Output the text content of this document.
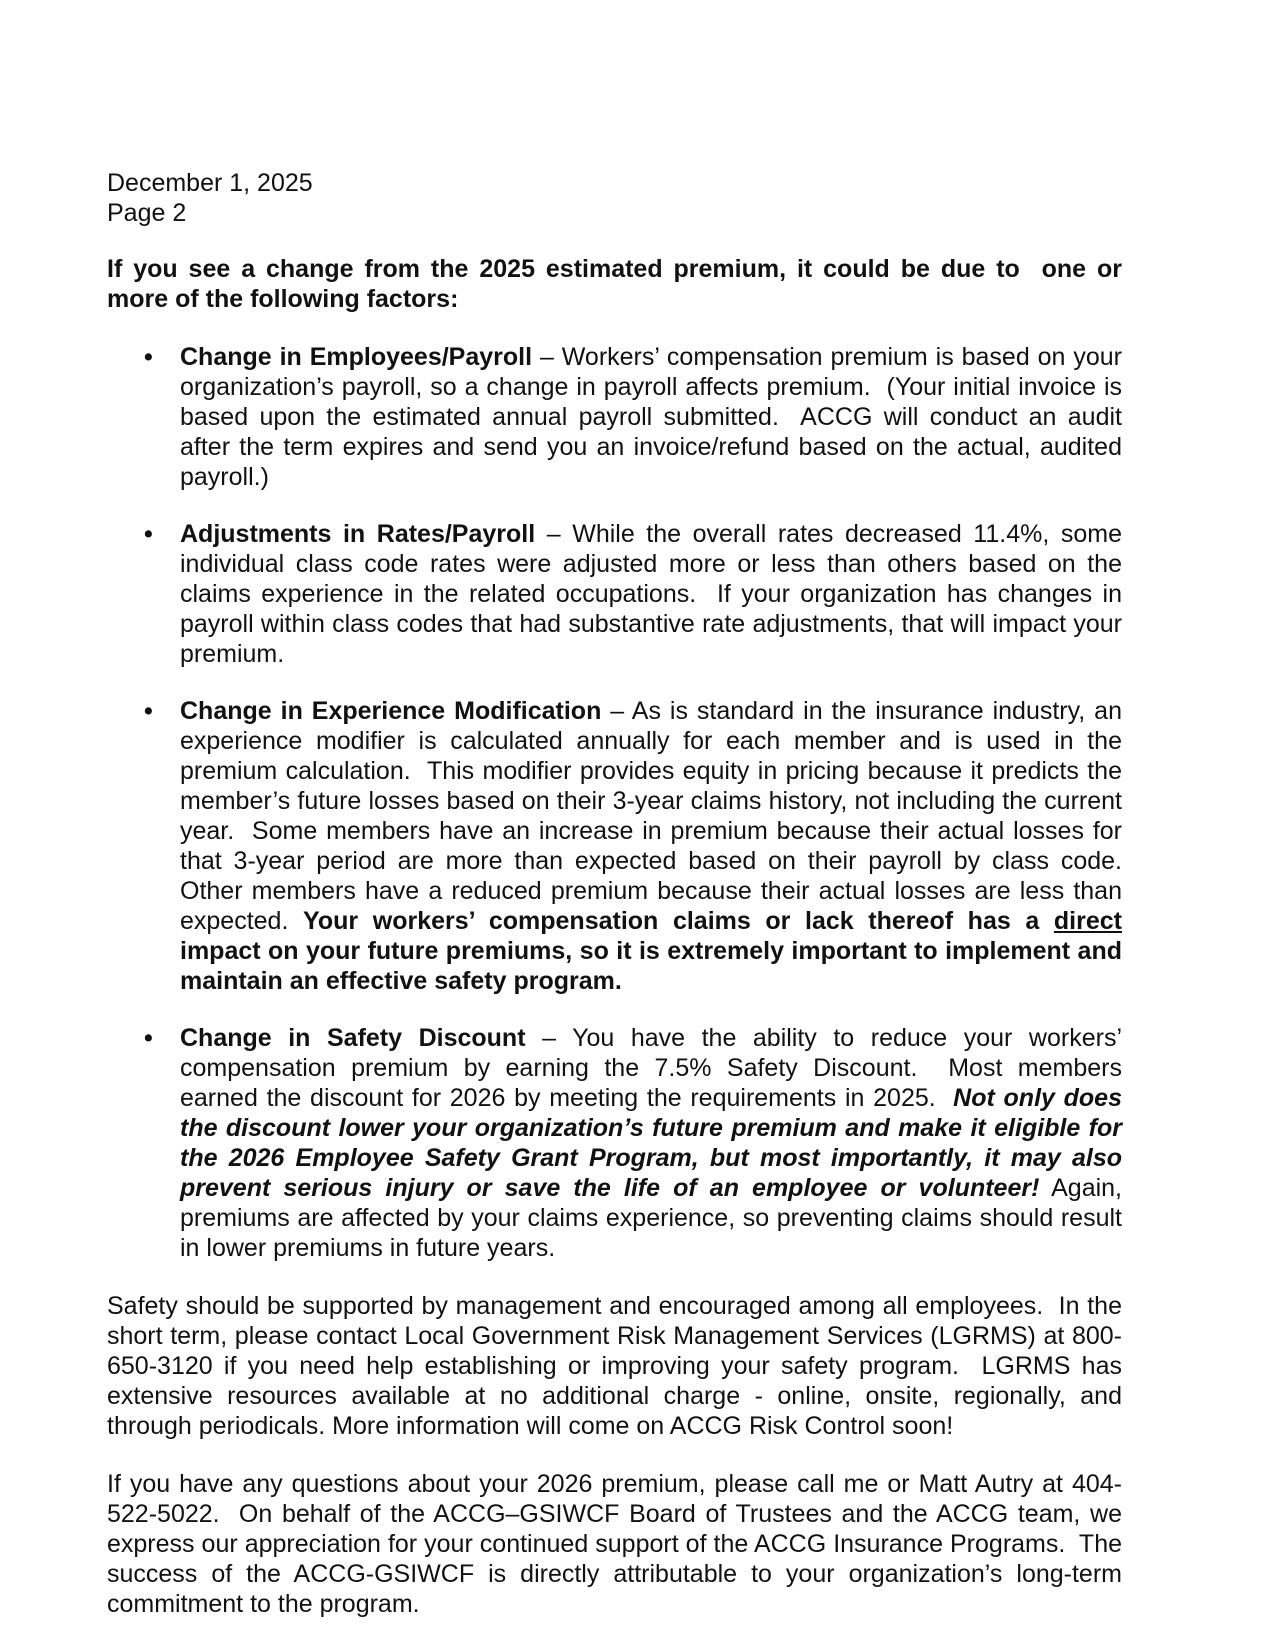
December 1, 2025
Page 2

If you see a change from the 2025 estimated premium, it could be due to  one or more of the following factors:

• Change in Employees/Payroll – Workers’ compensation premium is based on your organization’s payroll, so a change in payroll affects premium.  (Your initial invoice is based upon the estimated annual payroll submitted.  ACCG will conduct an audit after the term expires and send you an invoice/refund based on the actual, audited payroll.)

• Adjustments in Rates/Payroll – While the overall rates decreased 11.4%, some individual class code rates were adjusted more or less than others based on the claims experience in the related occupations.  If your organization has changes in payroll within class codes that had substantive rate adjustments, that will impact your premium.

• Change in Experience Modification – As is standard in the insurance industry, an experience modifier is calculated annually for each member and is used in the premium calculation.  This modifier provides equity in pricing because it predicts the member’s future losses based on their 3-year claims history, not including the current year.  Some members have an increase in premium because their actual losses for that 3-year period are more than expected based on their payroll by class code.  Other members have a reduced premium because their actual losses are less than expected. Your workers’ compensation claims or lack thereof has a direct impact on your future premiums, so it is extremely important to implement and maintain an effective safety program.

• Change in Safety Discount – You have the ability to reduce your workers’ compensation premium by earning the 7.5% Safety Discount.  Most members earned the discount for 2026 by meeting the requirements in 2025.  Not only does the discount lower your organization’s future premium and make it eligible for the 2026 Employee Safety Grant Program, but most importantly, it may also prevent serious injury or save the life of an employee or volunteer! Again, premiums are affected by your claims experience, so preventing claims should result in lower premiums in future years.

Safety should be supported by management and encouraged among all employees.  In the short term, please contact Local Government Risk Management Services (LGRMS) at 800-650-3120 if you need help establishing or improving your safety program.  LGRMS has extensive resources available at no additional charge - online, onsite, regionally, and through periodicals. More information will come on ACCG Risk Control soon!

If you have any questions about your 2026 premium, please call me or Matt Autry at 404-522-5022.  On behalf of the ACCG–GSIWCF Board of Trustees and the ACCG team, we express our appreciation for your continued support of the ACCG Insurance Programs.  The success of the ACCG-GSIWCF is directly attributable to your organization’s long-term commitment to the program.
